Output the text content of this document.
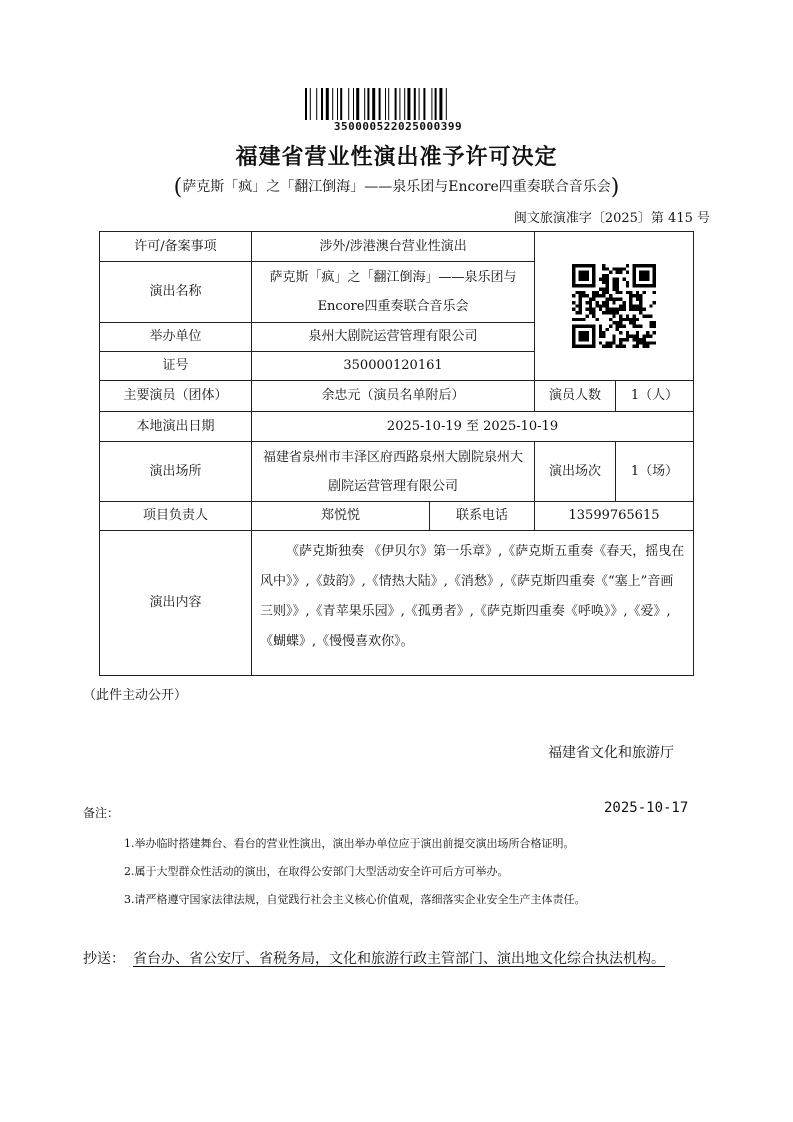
350000522025000399
福建省营业性演出准予许可决定
(萨克斯「疯」之「翻江倒海」——泉乐团与Encore四重奏联合音乐会)
闽文旅演准字〔2025〕第 415 号
许可/备案事项	涉外/涉港澳台营业性演出	

演出名称	萨克斯「疯」之「翻江倒海」——泉乐团与Encore四重奏联合音乐会			
举办单位	泉州大剧院运营管理有限公司			
证号	350000120161			
主要演员（团体）	余忠元（演员名单附后）		演员人数	1（人）
本地演出日期	2025-10-19 至 2025-10-19			
演出场所	福建省泉州市丰泽区府西路泉州大剧院泉州大剧院运营管理有限公司		演出场次	1（场）
项目负责人	郑悦悦	联系电话	13599765615	
演出内容	《萨克斯独奏 《伊贝尔》第一乐章》,《萨克斯五重奏《春天，摇曳在风中》》,《鼓韵》,《情热大陆》,《消愁》,《萨克斯四重奏《“塞上”音画三则》》,《青苹果乐园》,《孤勇者》,《萨克斯四重奏《呼唤》》,《爱》,《蝴蝶》,《慢慢喜欢你》。			
（此件主动公开）
福建省文化和旅游厅
2025-10-17
备注：
1.举办临时搭建舞台、看台的营业性演出，演出举办单位应于演出前提交演出场所合格证明。
2.属于大型群众性活动的演出，在取得公安部门大型活动安全许可后方可举办。
3.请严格遵守国家法律法规，自觉践行社会主义核心价值观，落细落实企业安全生产主体责任。
抄送： 省台办、省公安厅、省税务局，文化和旅游行政主管部门、演出地文化综合执法机构。
